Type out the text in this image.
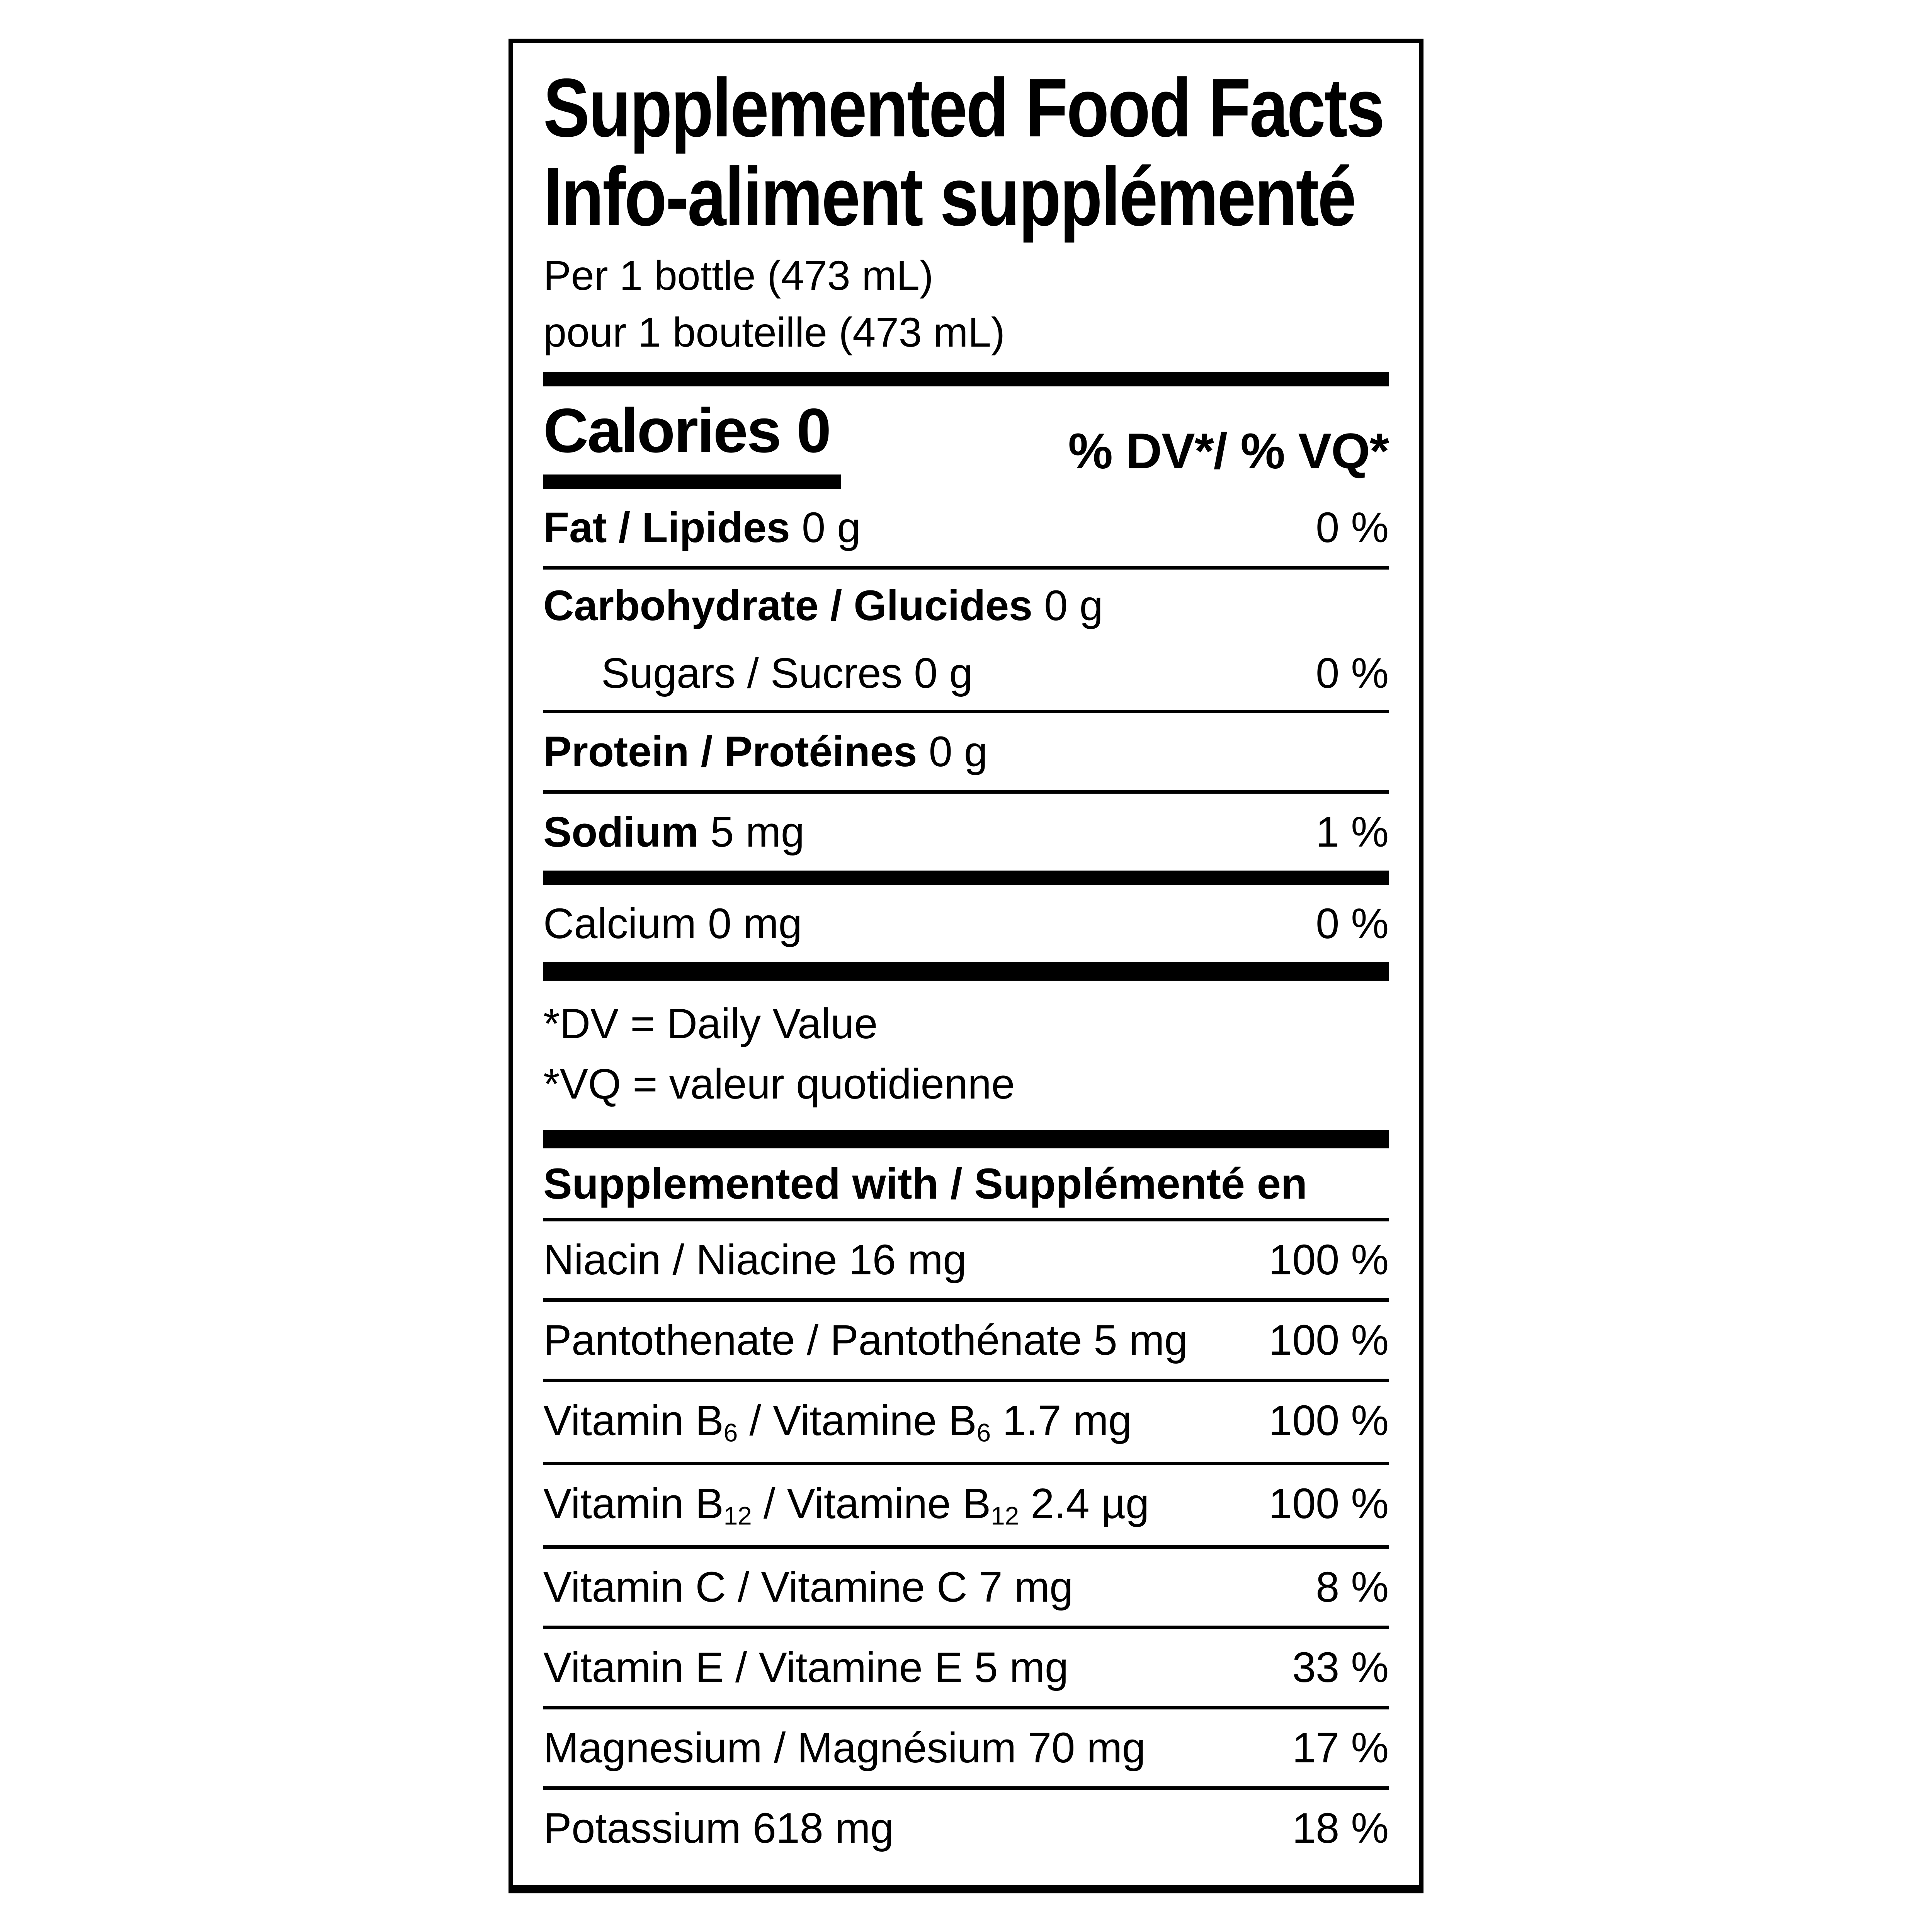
Supplemented Food Facts
Info-aliment supplémenté
Per 1 bottle (473 mL)
pour 1 bouteille (473 mL)
Calories 0	% DV*/ % VQ*
Fat / Lipides 0 g	0 %
Carbohydrate / Glucides 0 g
Sugars / Sucres 0 g	0 %
Protein / Protéines 0 g
Sodium 5 mg	1 %
Calcium 0 mg	0 %
*DV = Daily Value
*VQ = valeur quotidienne
Supplemented with / Supplémenté en
Niacin / Niacine 16 mg	100 %
Pantothenate / Pantothénate 5 mg 100 %
Vitamin $B_6$ / Vitamine $B_6$ 1.7 mg	100 %
Vitamin $B_{12}$ / Vitamine $B_{12}$ 2.4 µg	100 %
Vitamin C / Vitamine C 7 mg	8 %
Vitamin E / Vitamine E 5 mg	33 %
Magnesium / Magnésium 70 mg	17 %
Potassium 618 mg	18 %
